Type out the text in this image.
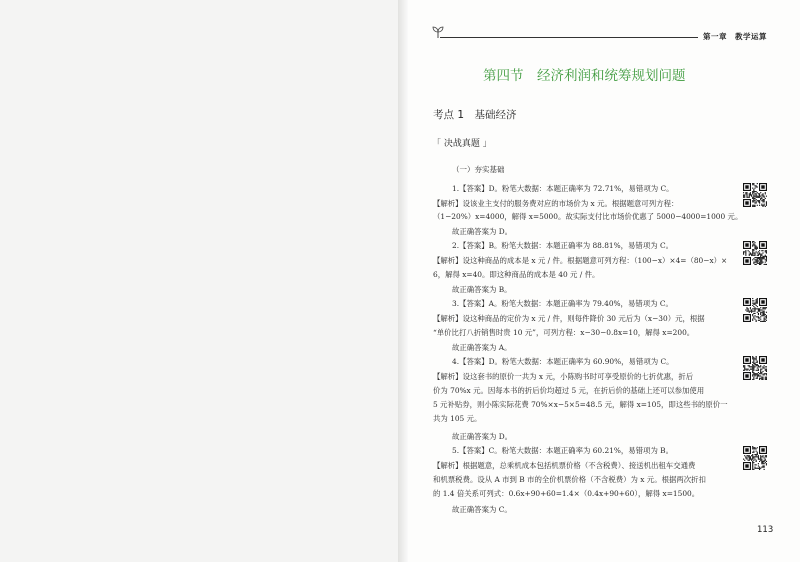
第一章　教学运算
第四节　经济利润和统筹规划问题
考点 1　基础经济
「 决战真题 」
（一）夯实基础
1.【答案】D。粉笔大数据：本题正确率为 72.71%，易错项为 C。
【解析】设该业主支付的服务费对应的市场价为 x 元。根据题意可列方程：
（1−20%）x=4000，解得 x=5000。故实际支付比市场价优惠了 5000−4000=1000 元。
故正确答案为 D。
2.【答案】B。粉笔大数据：本题正确率为 88.81%，易错项为 C。
【解析】设这种商品的成本是 x 元 / 件。根据题意可列方程：（100−x）×4=（80−x）×
6，解得 x=40。即这种商品的成本是 40 元 / 件。
故正确答案为 B。
3.【答案】A。粉笔大数据：本题正确率为 79.40%，易错项为 C。
【解析】设这种商品的定价为 x 元 / 件，则每件降价 30 元后为（x−30）元，根据
“单价比打八折销售时贵 10 元”，可列方程：x−30−0.8x=10，解得 x=200。
故正确答案为 A。
4.【答案】D。粉笔大数据：本题正确率为 60.90%，易错项为 C。
【解析】设这套书的原价一共为 x 元，小陈购书时可享受原价的七折优惠，折后
价为 70%x 元。因每本书的折后价均超过 5 元，在折后价的基础上还可以参加使用
5 元补贴券，则小陈实际花费 70%×x−5×5=48.5 元，解得 x=105，即这些书的原价一
共为 105 元。
故正确答案为 D。
5.【答案】C。粉笔大数据：本题正确率为 60.21%，易错项为 B。
【解析】根据题意，总乘机成本包括机票价格（不含税费）、接送机出租车交通费
和机票税费。设从 A 市到 B 市的全价机票价格（不含税费）为 x 元。根据两次折扣
的 1.4 倍关系可列式：0.6x+90+60=1.4×（0.4x+90+60），解得 x=1500。
故正确答案为 C。
113
